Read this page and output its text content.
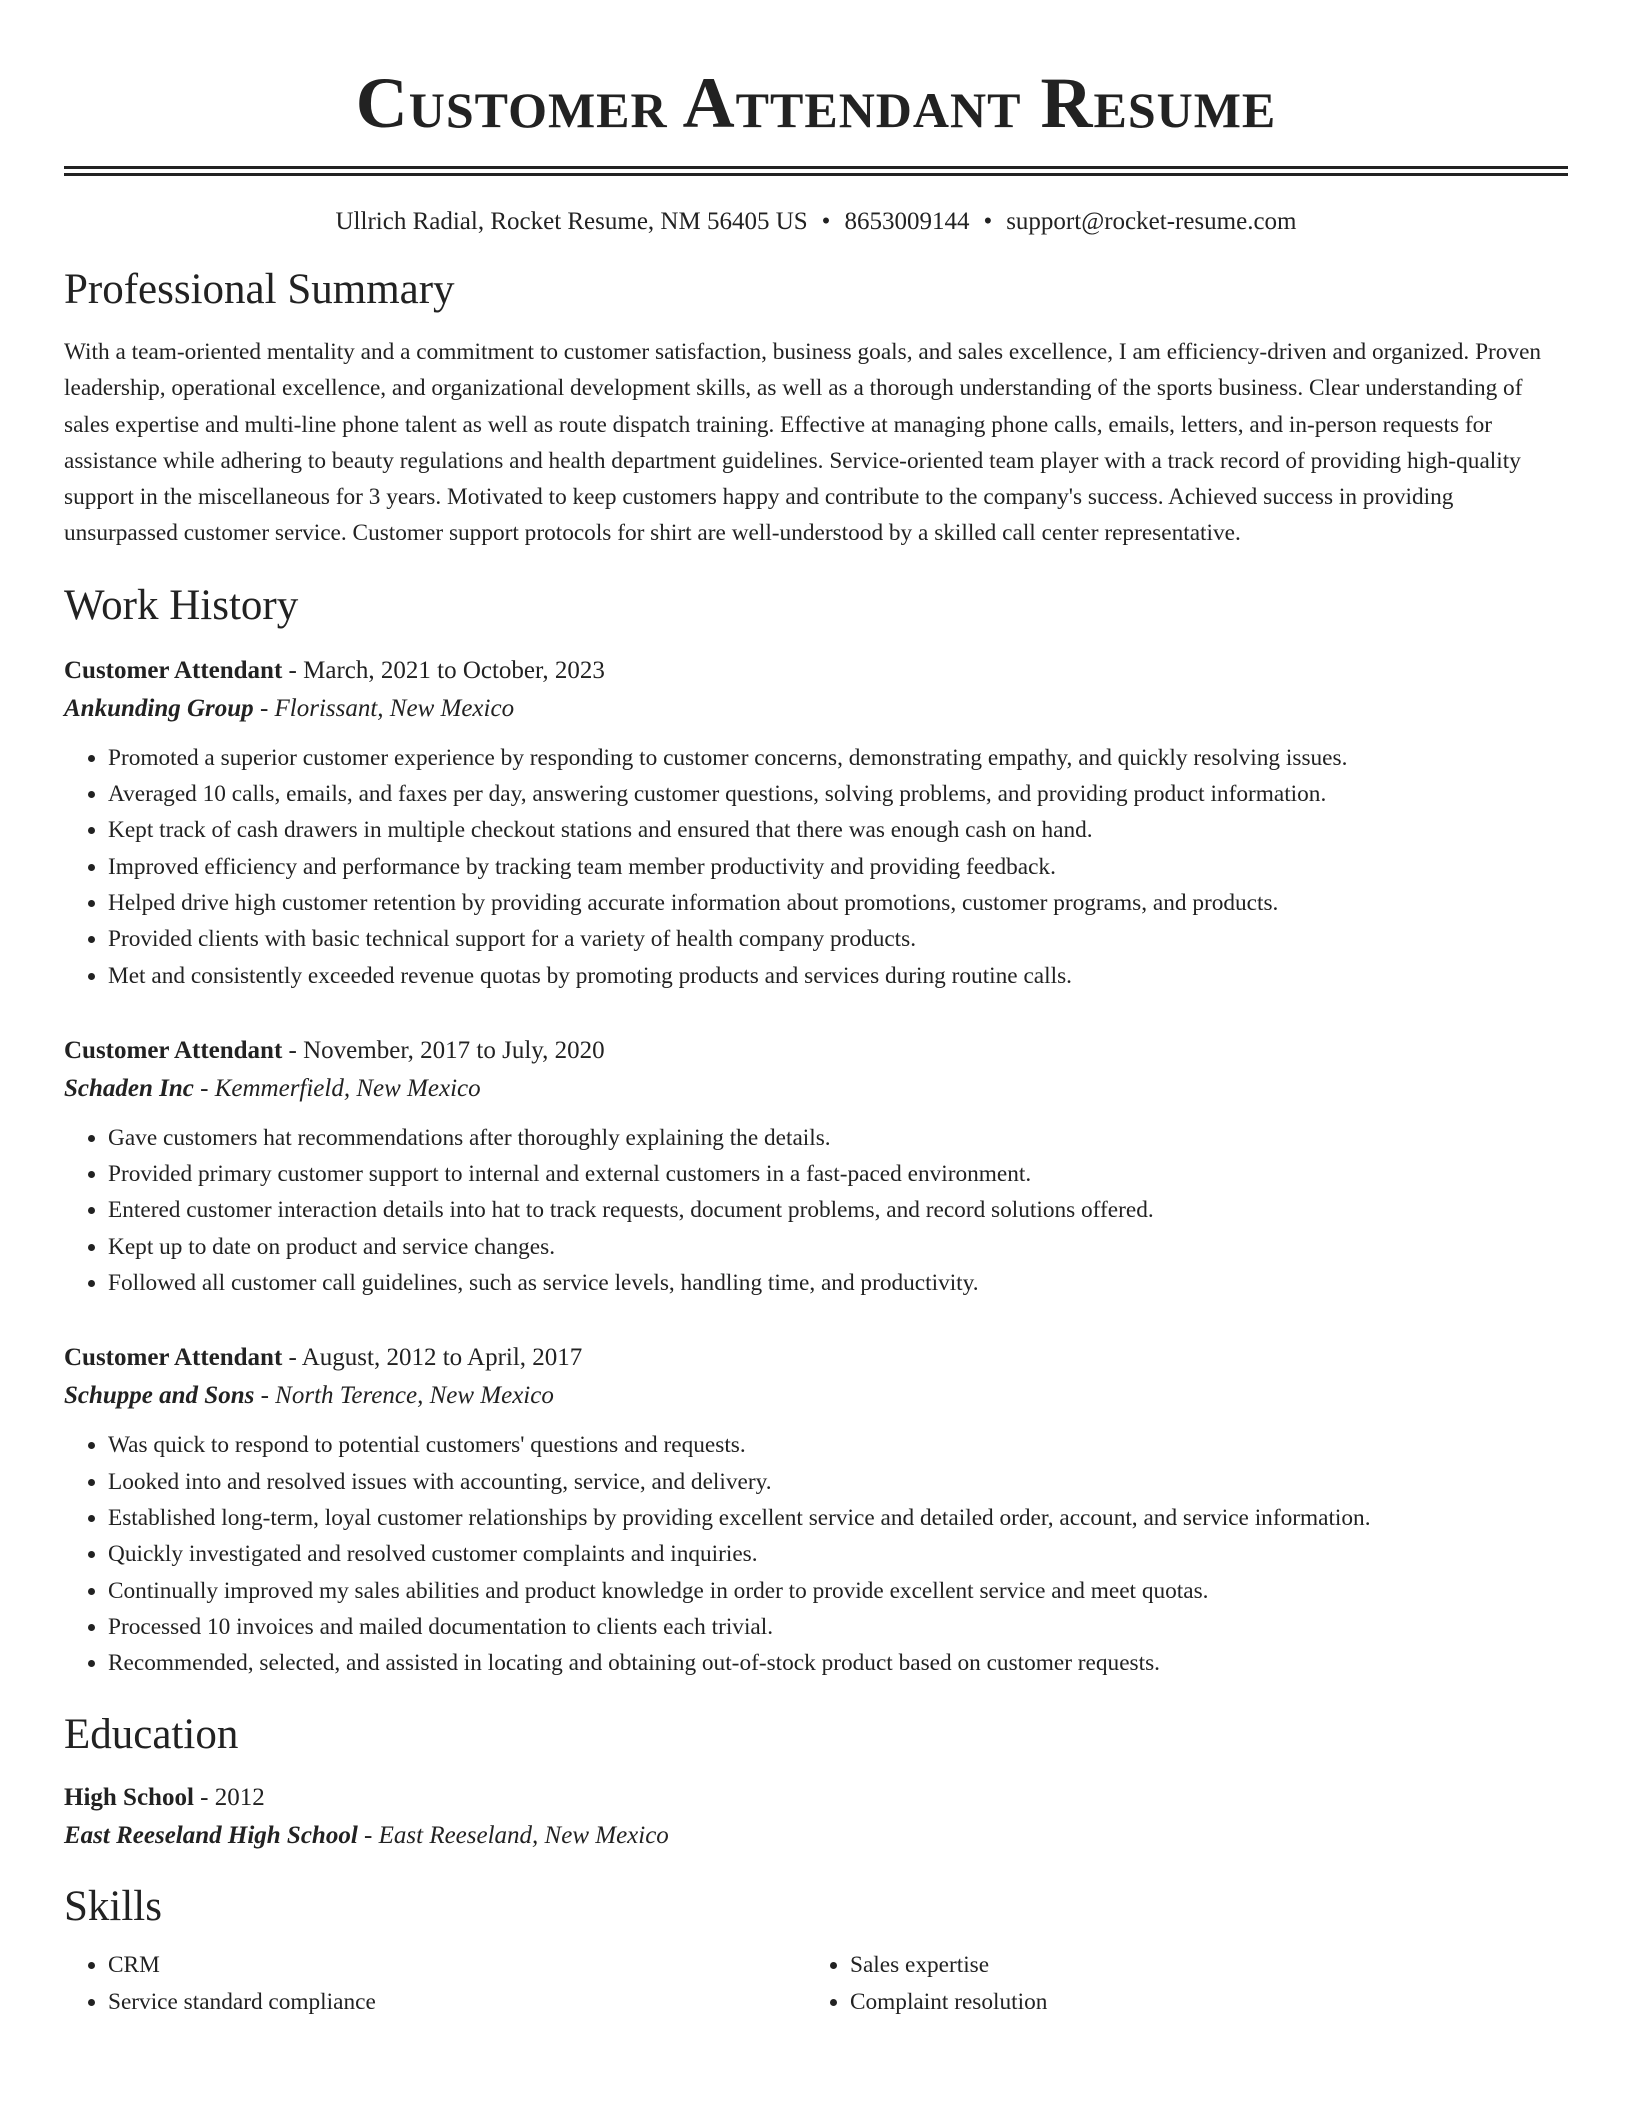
Customer Attendant Resume
Ullrich Radial, Rocket Resume, NM 56405 US • 8653009144 • support@rocket-resume.com
Professional Summary

With a team-oriented mentality and a commitment to customer satisfaction, business goals, and sales excellence, I am efficiency-driven and organized. Proven leadership, operational excellence, and organizational development skills, as well as a thorough understanding of the sports business. Clear understanding of sales expertise and multi-line phone talent as well as route dispatch training. Effective at managing phone calls, emails, letters, and in-person requests for assistance while adhering to beauty regulations and health department guidelines. Service-oriented team player with a track record of providing high-quality support in the miscellaneous for 3 years. Motivated to keep customers happy and contribute to the company's success. Achieved success in providing unsurpassed customer service. Customer support protocols for shirt are well-understood by a skilled call center representative.

Work History
Customer Attendant - March, 2021 to October, 2023
Ankunding Group - Florissant, New Mexico
• Promoted a superior customer experience by responding to customer concerns, demonstrating empathy, and quickly resolving issues.
• Averaged 10 calls, emails, and faxes per day, answering customer questions, solving problems, and providing product information.
• Kept track of cash drawers in multiple checkout stations and ensured that there was enough cash on hand.
• Improved efficiency and performance by tracking team member productivity and providing feedback.
• Helped drive high customer retention by providing accurate information about promotions, customer programs, and products.
• Provided clients with basic technical support for a variety of health company products.
• Met and consistently exceeded revenue quotas by promoting products and services during routine calls.
Customer Attendant - November, 2017 to July, 2020
Schaden Inc - Kemmerfield, New Mexico
• Gave customers hat recommendations after thoroughly explaining the details.
• Provided primary customer support to internal and external customers in a fast-paced environment.
• Entered customer interaction details into hat to track requests, document problems, and record solutions offered.
• Kept up to date on product and service changes.
• Followed all customer call guidelines, such as service levels, handling time, and productivity.
Customer Attendant - August, 2012 to April, 2017
Schuppe and Sons - North Terence, New Mexico
• Was quick to respond to potential customers' questions and requests.
• Looked into and resolved issues with accounting, service, and delivery.
• Established long-term, loyal customer relationships by providing excellent service and detailed order, account, and service information.
• Quickly investigated and resolved customer complaints and inquiries.
• Continually improved my sales abilities and product knowledge in order to provide excellent service and meet quotas.
• Processed 10 invoices and mailed documentation to clients each trivial.
• Recommended, selected, and assisted in locating and obtaining out-of-stock product based on customer requests.
Education
High School - 2012
East Reeseland High School - East Reeseland, New Mexico
Skills
• CRM
• Service standard compliance
• Sales expertise
• Complaint resolution
